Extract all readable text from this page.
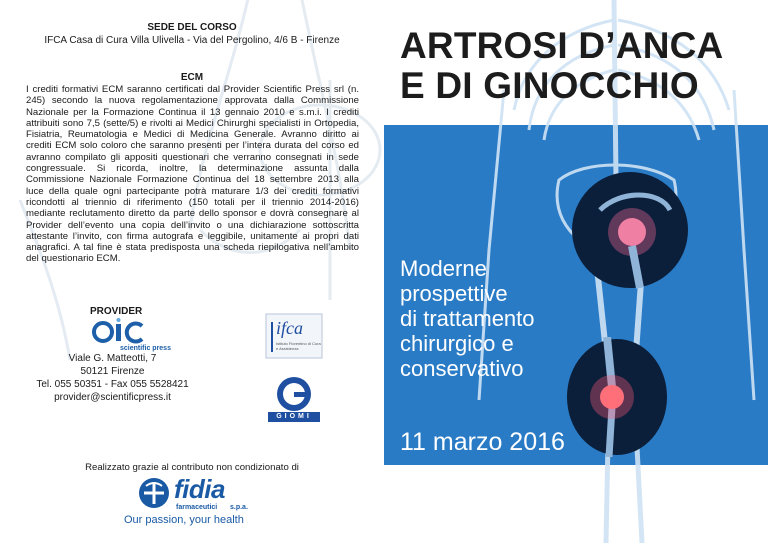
SEDE DEL CORSO
IFCA Casa di Cura Villa Ulivella - Via del Pergolino, 4/6 B - Firenze
ECM
I crediti formativi ECM saranno certificati dal Provider Scientific Press srl (n. 245) secondo la nuova regolamentazione approvata dalla Commissione Nazionale per la Formazione Continua il 13 gennaio 2010 e s.m.i. I crediti attribuiti sono 7,5 (sette/5) e rivolti ai Medici Chirurghi specialisti in Ortopedia, Fisiatria, Reumatologia e Medici di Medicina Generale. Avranno diritto ai crediti ECM solo coloro che saranno presenti per l’intera durata del corso ed avranno compilato gli appositi questionari che verranno consegnati in sede congressuale. Si ricorda, inoltre, la determinazione assunta dalla Commissione Nazionale Formazione Continua del 18 settembre 2013 alla luce della quale ogni partecipante potrà maturare 1/3 dei crediti formativi ricondotti al triennio di riferimento (150 totali per il triennio 2014-2016) mediante reclutamento diretto da parte dello sponsor e dovrà consegnare al Provider dell’evento una copia dell’invito o una dichiarazione sottoscritta attestante l’invito, con firma autografa e leggibile, unitamente ai propri dati anagrafici. A tal fine è stata predisposta una scheda riepilogativa nell’ambito del questionario ECM.
PROVIDER
scientific press
Viale G. Matteotti, 7
50121 Firenze
Tel. 055 50351 - Fax 055 5528421
provider@scientificpress.it
ifca
Istituto Fiorentino di Cura e Assistenza
GIOMI
Realizzato grazie al contributo non condizionato di
fidia
farmaceutici s.p.a.
Our passion, your health
ARTROSI D’ANCA
E DI GINOCCHIO
Moderne
prospettive
di trattamento
chirurgico e
conservativo
11 marzo 2016
